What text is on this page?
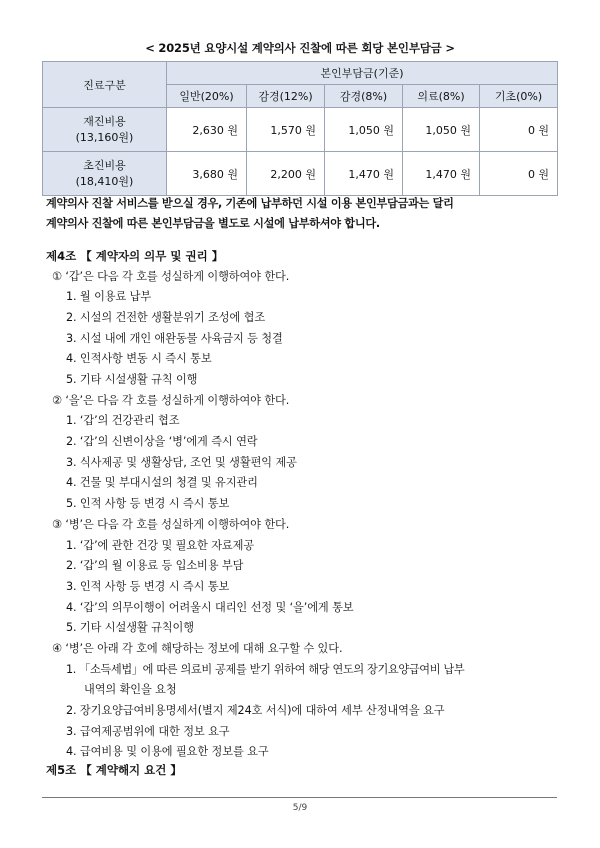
< 2025년 요양시설 계약의사 진찰에 따른 회당 본인부담금 >
진료구분	본인부담금(기준)				
	일반(20%)	감경(12%)	감경(8%)	의료(8%)	기초(0%)

재진비용
(13,160원)	2,630 원	1,570 원	1,050 원	1,050 원	0 원

초진비용
(18,410원)	3,680 원	2,200 원	1,470 원	1,470 원	0 원
계약의사 진찰 서비스를 받으실 경우, 기존에 납부하던 시설 이용 본인부담금과는 달리
계약의사 진찰에 따른 본인부담금을 별도로 시설에 납부하셔야 합니다.
제4조 【 계약자의 의무 및 권리 】
① ‘갑’은 다음 각 호를 성실하게 이행하여야 한다.
1. 월 이용료 납부
2. 시설의 건전한 생활분위기 조성에 협조
3. 시설 내에 개인 애완동물 사육금지 등 청결
4. 인적사항 변동 시 즉시 통보
5. 기타 시설생활 규칙 이행
② ‘을’은 다음 각 호를 성실하게 이행하여야 한다.
1. ‘갑’의 건강관리 협조
2. ‘갑’의 신변이상을 ‘병’에게 즉시 연락
3. 식사제공 및 생활상담, 조언 및 생활편익 제공
4. 건물 및 부대시설의 청결 및 유지관리
5. 인적 사항 등 변경 시 즉시 통보
③ ‘병’은 다음 각 호를 성실하게 이행하여야 한다.
1. ‘갑’에 관한 건강 및 필요한 자료제공
2. ‘갑’의 월 이용료 등 입소비용 부담
3. 인적 사항 등 변경 시 즉시 통보
4. ‘갑’의 의무이행이 어려울시 대리인 선정 및 ‘을’에게 통보
5. 기타 시설생활 규칙이행
④ ‘병’은 아래 각 호에 해당하는 정보에 대해 요구할 수 있다.
1. 「소득세법」에 따른 의료비 공제를 받기 위하여 해당 연도의 장기요양급여비 납부
내역의 확인을 요청
2. 장기요양급여비용명세서(별지 제24호 서식)에 대하여 세부 산정내역을 요구
3. 급여제공범위에 대한 정보 요구
4. 급여비용 및 이용에 필요한 정보를 요구
제5조 【 계약해지 요건 】
5/9
